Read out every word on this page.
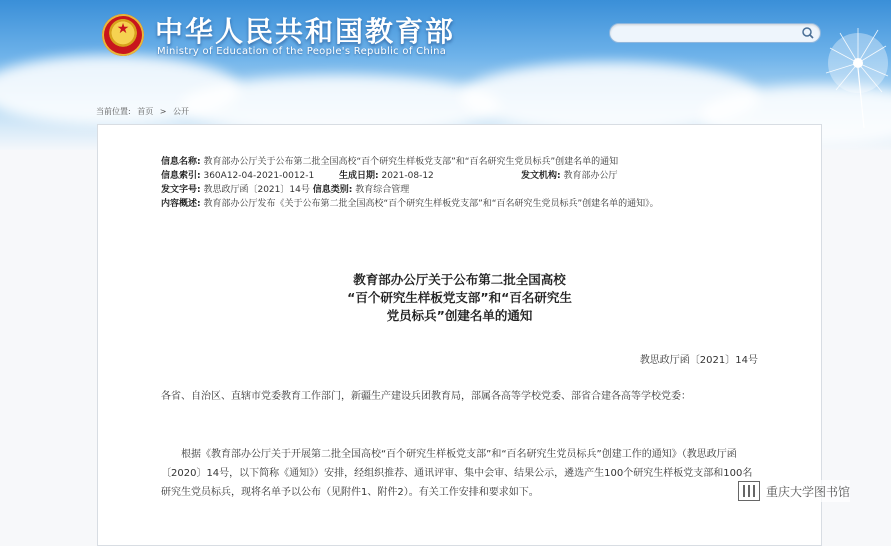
★ 中华人民共和国教育部
Ministry of Education of the People's Republic of China
当前位置: 首页 > 公开
信息名称: 教育部办公厅关于公布第二批全国高校“百个研究生样板党支部”和“百名研究生党员标兵”创建名单的通知
信息索引: 360A12-04-2021-0012-1	生成日期: 2021-08-12	发文机构: 教育部办公厅
发文字号: 教思政厅函〔2021〕14号 信息类别: 教育综合管理
内容概述: 教育部办公厅发布《关于公布第二批全国高校“百个研究生样板党支部”和“百名研究生党员标兵”创建名单的通知》。
教育部办公厅关于公布第二批全国高校
“百个研究生样板党支部”和“百名研究生
党员标兵”创建名单的通知
教思政厅函〔2021〕14号
各省、自治区、直辖市党委教育工作部门，新疆生产建设兵团教育局，部属各高等学校党委、部省合建各高等学校党委：
根据《教育部办公厅关于开展第二批全国高校“百个研究生样板党支部”和“百名研究生党员标兵”创建工作的通知》（教思政厅函〔2020〕14号，以下简称《通知》）安排，经组织推荐、通讯评审、集中会审、结果公示，遴选产生100个研究生样板党支部和100名研究生党员标兵，现将名单予以公布（见附件1、附件2）。有关工作安排和要求如下。	重庆大学图书馆
